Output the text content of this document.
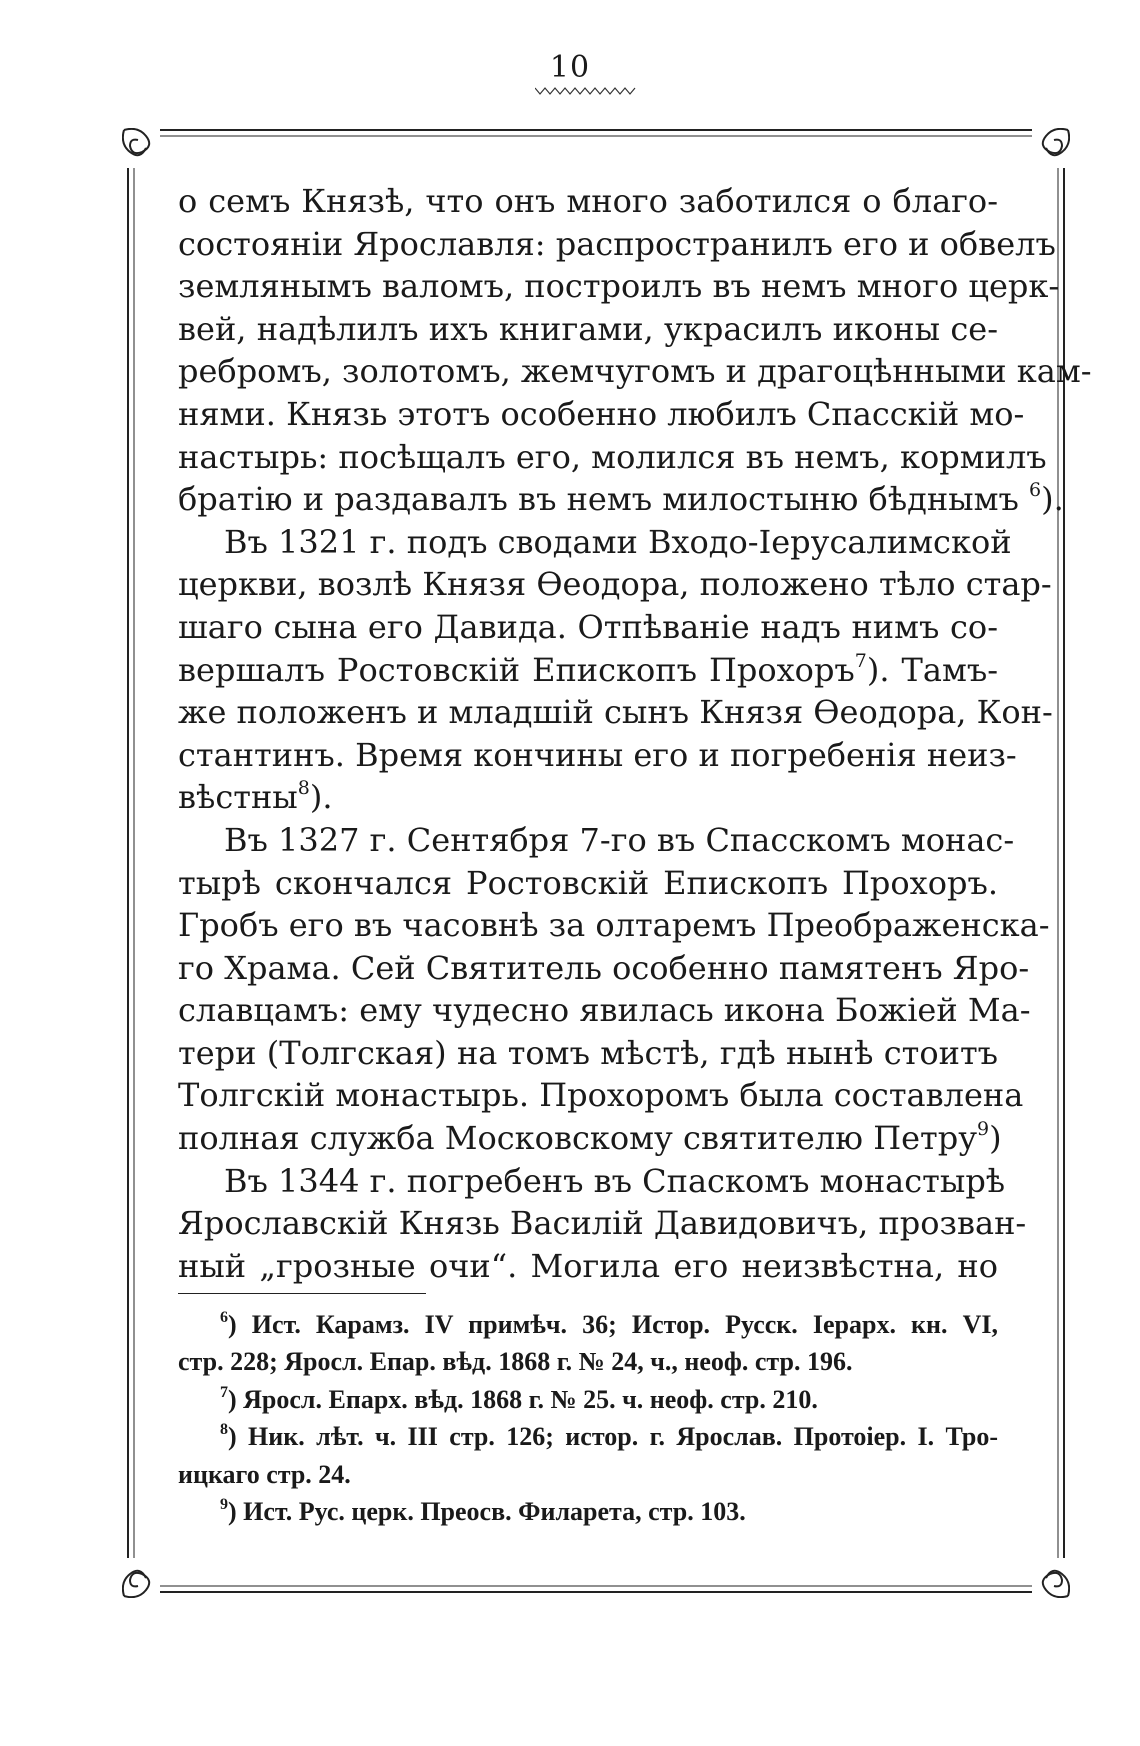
10
о семъ Князѣ, что онъ много заботился о благо-
состоянiи Ярославля: распространилъ его и обвелъ
землянымъ валомъ, построилъ въ немъ много церк-
вей, надѣлилъ ихъ книгами, украсилъ иконы се-
ребромъ, золотомъ, жемчугомъ и драгоцѣнными кам-
нями. Князь этотъ особенно любилъ Спасскiй мо-
настырь: посѣщалъ его, молился въ немъ, кормилъ
братiю и раздавалъ въ немъ милостыню бѣднымъ $^6$).
Въ 1321 г. подъ сводами Входо-Iерусалимской
церкви, возлѣ Князя Өеодора, положено тѣло стар-
шаго сына его Давида. Отпѣванiе надъ нимъ со-
вершалъ Ростовскiй Епископъ Прохоръ$^7$). Тамъ-
же положенъ и младшiй сынъ Князя Өеодора, Кон-
стантинъ. Время кончины его и погребенiя неиз-
вѣстны$^8$).
Въ 1327 г. Сентября 7-го въ Спасскомъ монас-
тырѣ скончался Ростовскiй Епископъ Прохоръ.
Гробъ его въ часовнѣ за олтаремъ Преображенска-
го Храма. Сей Святитель особенно памятенъ Яро-
славцамъ: ему чудесно явилась икона Божiей Ма-
тери (Толгская) на томъ мѣстѣ, гдѣ нынѣ стоитъ
Толгскiй монастырь. Прохоромъ была составлена
полная служба Московскому святителю Петру$^9$)
Въ 1344 г. погребенъ въ Спаскомъ монастырѣ
Ярославскiй Князь Василiй Давидовичъ, прозван-
ный „грозные очи“. Могила его неизвѣстна, но
$^6$) Ист. Карамз. IV примѣч. 36; Истор. Русск. Iерарх. кн. VI,
стр. 228; Яросл. Епар. вѣд. 1868 г. № 24, ч., неоф. стр. 196.
$^7$) Яросл. Епарх. вѣд. 1868 г. № 25. ч. неоф. стр. 210.
$^8$) Ник. лѣт. ч. III стр. 126; истор. г. Ярослав. Протоiер. I. Тро-
ицкаго стр. 24.
$^9$) Ист. Рус. церк. Преосв. Филарета, стр. 103.
